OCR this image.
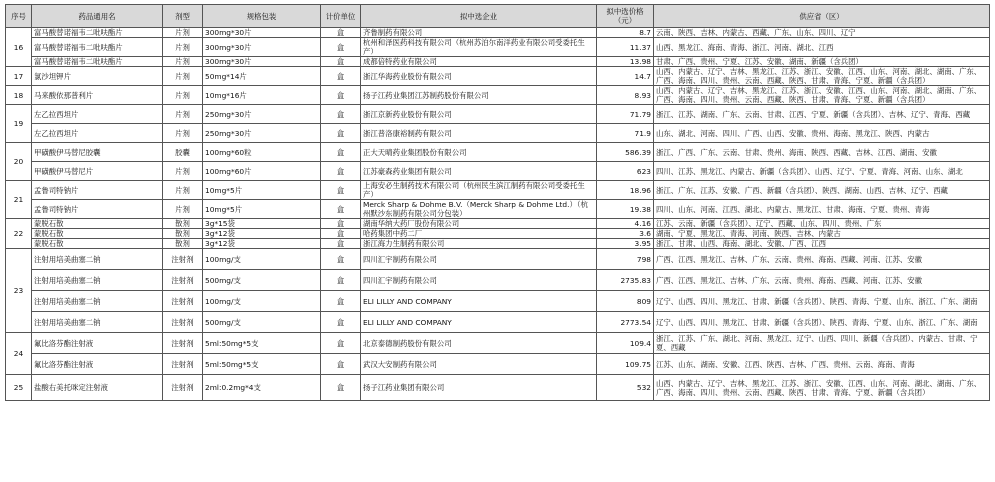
序号	药品通用名	剂型	规格包装	计价单位	拟中选企业	拟中选价格（元）	供应省（区）
16	富马酸替诺福韦二吡呋酯片	片剂	300mg*30片	盒	齐鲁制药有限公司	8.7	云南、陕西、吉林、内蒙古、西藏、广东、山东、四川、辽宁
	富马酸替诺福韦二吡呋酯片	片剂	300mg*30片	盒	杭州和泽医药科技有限公司（杭州苏泊尔南洋药业有限公司受委托生产）	11.37	山西、黑龙江、海南、青海、浙江、河南、湖北、江西
	富马酸替诺福韦二吡呋酯片	片剂	300mg*30片	盒	成都倍特药业有限公司	13.98	甘肃、广西、贵州、宁夏、江苏、安徽、湖南、新疆（含兵团）
17	氯沙坦钾片	片剂	50mg*14片	盒	浙江华海药业股份有限公司	14.7	山西、内蒙古、辽宁、吉林、黑龙江、江苏、浙江、安徽、江西、山东、河南、湖北、湖南、广东、广西、海南、四川、贵州、云南、西藏、陕西、甘肃、青海、宁夏、新疆（含兵团）
18	马来酸依那普利片	片剂	10mg*16片	盒	扬子江药业集团江苏制药股份有限公司	8.93	山西、内蒙古、辽宁、吉林、黑龙江、江苏、浙江、安徽、江西、山东、河南、湖北、湖南、广东、广西、海南、四川、贵州、云南、西藏、陕西、甘肃、青海、宁夏、新疆（含兵团）
19	左乙拉西坦片	片剂	250mg*30片	盒	浙江京新药业股份有限公司	71.79	浙江、江苏、湖南、广东、云南、甘肃、江西、宁夏、新疆（含兵团）、吉林、辽宁、青海、西藏
	左乙拉西坦片	片剂	250mg*30片	盒	浙江普洛康裕制药有限公司	71.9	山东、湖北、河南、四川、广西、山西、安徽、贵州、海南、黑龙江、陕西、内蒙古
20	甲磺酸伊马替尼胶囊	胶囊	100mg*60粒	盒	正大天晴药业集团股份有限公司	586.39	浙江、广西、广东、云南、甘肃、贵州、海南、陕西、西藏、吉林、江西、湖南、安徽
	甲磺酸伊马替尼片	片剂	100mg*60片	盒	江苏豪森药业集团有限公司	623	四川、江苏、黑龙江、内蒙古、新疆（含兵团）、山西、辽宁、宁夏、青海、河南、山东、湖北
21	孟鲁司特钠片	片剂	10mg*5片	盒	上海安必生制药技术有限公司（杭州民生滨江制药有限公司受委托生产）	18.96	浙江、广东、江苏、安徽、广西、新疆（含兵团）、陕西、湖南、山西、吉林、辽宁、西藏
	孟鲁司特钠片	片剂	10mg*5片	盒	Merck Sharp & Dohme B.V.（Merck Sharp & Dohme Ltd.）（杭州默沙东制药有限公司分包装）	19.38	四川、山东、河南、江西、湖北、内蒙古、黑龙江、甘肃、海南、宁夏、贵州、青海
22	蒙脱石散	散剂	3g*15袋	盒	湖南华纳大药厂股份有限公司	4.16	江苏、云南、新疆（含兵团）、辽宁、西藏、山东、四川、贵州、广东
	蒙脱石散	散剂	3g*12袋	盒	哈药集团中药二厂	3.6	湖南、宁夏、黑龙江、青海、河南、陕西、吉林、内蒙古
	蒙脱石散	散剂	3g*12袋	盒	浙江海力生制药有限公司	3.95	浙江、甘肃、山西、海南、湖北、安徽、广西、江西
23	注射用培美曲塞二钠	注射剂	100mg/支	盒	四川汇宇制药有限公司	798	广西、江西、黑龙江、吉林、广东、云南、贵州、海南、西藏、河南、江苏、安徽
	注射用培美曲塞二钠	注射剂	500mg/支	盒	四川汇宇制药有限公司	2735.83	广西、江西、黑龙江、吉林、广东、云南、贵州、海南、西藏、河南、江苏、安徽
	注射用培美曲塞二钠	注射剂	100mg/支	盒	ELI LILLY AND COMPANY	809	辽宁、山西、四川、黑龙江、甘肃、新疆（含兵团）、陕西、青海、宁夏、山东、浙江、广东、湖南
	注射用培美曲塞二钠	注射剂	500mg/支	盒	ELI LILLY AND COMPANY	2773.54	辽宁、山西、四川、黑龙江、甘肃、新疆（含兵团）、陕西、青海、宁夏、山东、浙江、广东、湖南
24	氟比洛芬酯注射液	注射剂	5ml:50mg*5支	盒	北京泰德制药股份有限公司	109.4	浙江、江苏、广东、湖北、河南、黑龙江、辽宁、山西、四川、新疆（含兵团）、内蒙古、甘肃、宁夏、西藏
	氟比洛芬酯注射液	注射剂	5ml:50mg*5支	盒	武汉大安制药有限公司	109.75	江苏、山东、湖南、安徽、江西、陕西、吉林、广西、贵州、云南、海南、青海
25	盐酸右美托咪定注射液	注射剂	2ml:0.2mg*4支	盒	扬子江药业集团有限公司	532	山西、内蒙古、辽宁、吉林、黑龙江、江苏、浙江、安徽、江西、山东、河南、湖北、湖南、广东、广西、海南、四川、贵州、云南、西藏、陕西、甘肃、青海、宁夏、新疆（含兵团）
